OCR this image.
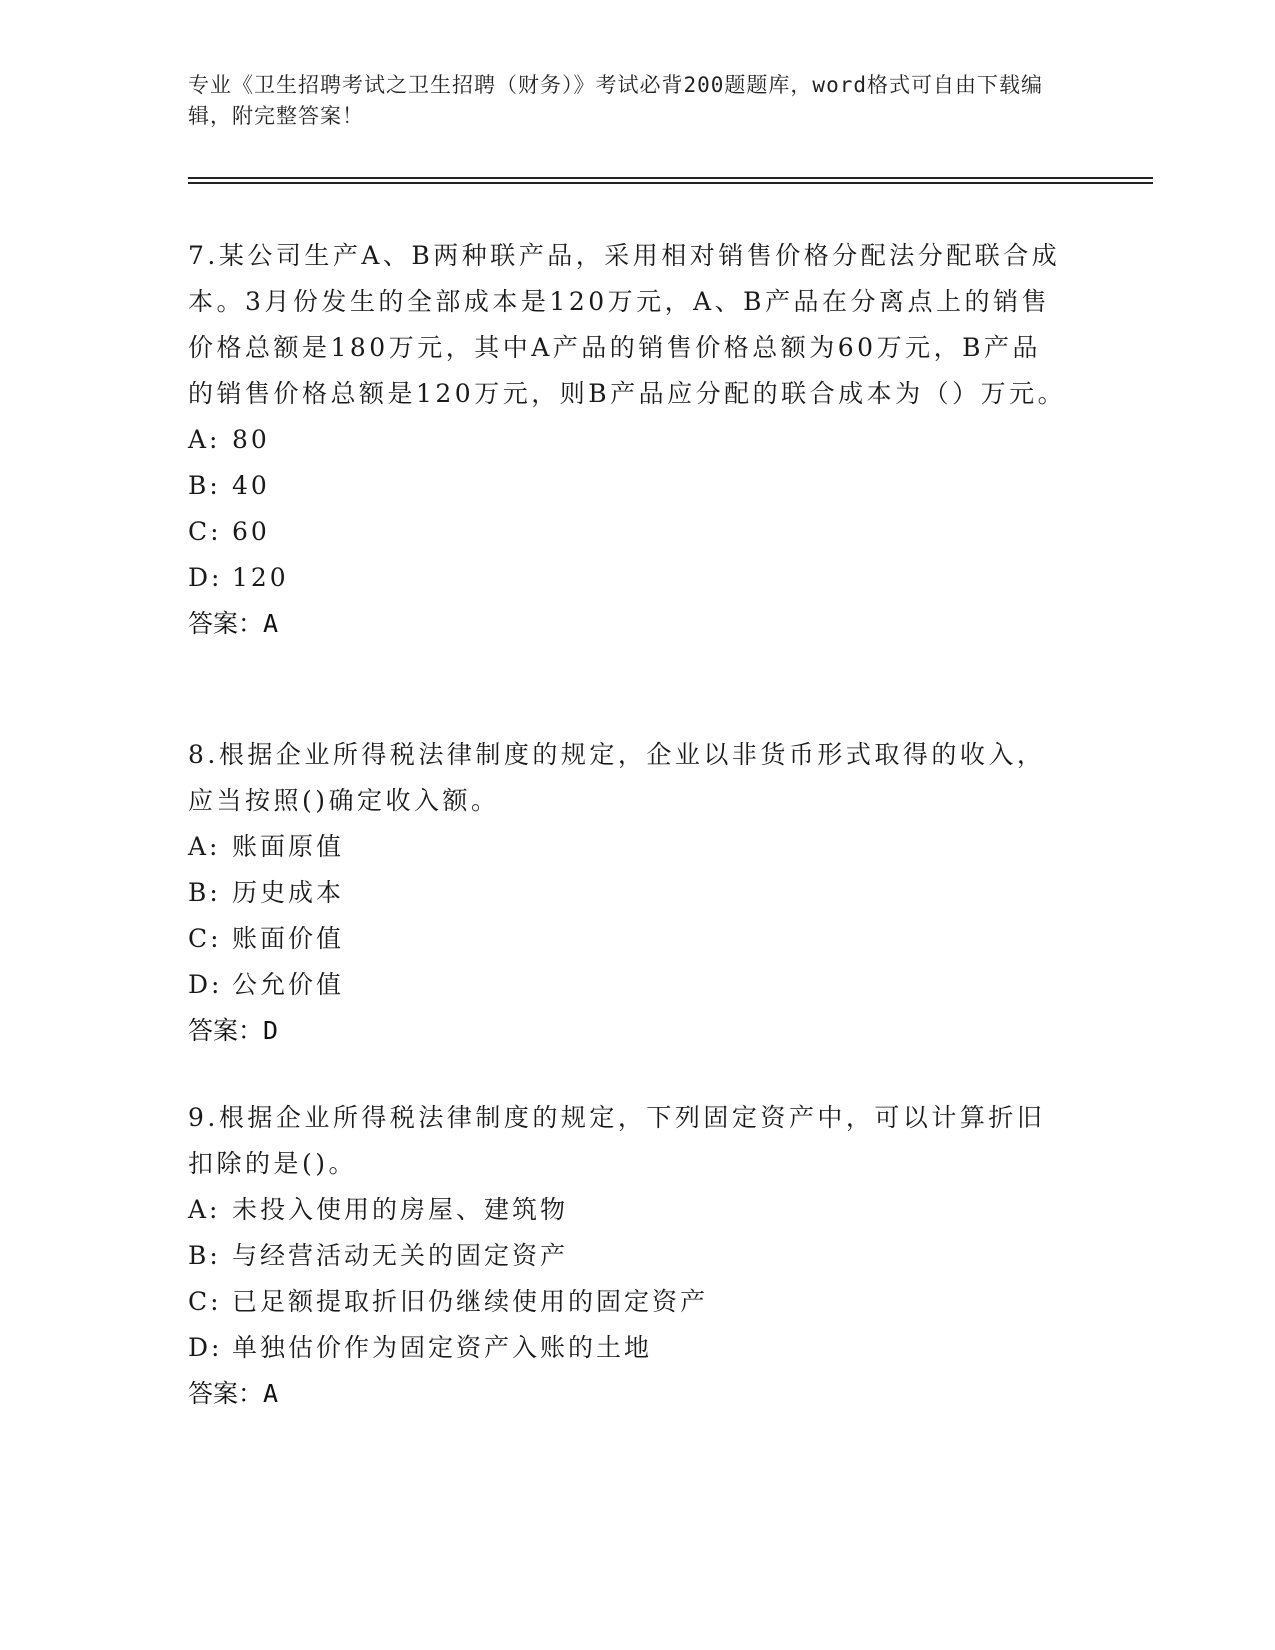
专业《卫生招聘考试之卫生招聘（财务）》考试必背200题题库，word格式可自由下载编辑，附完整答案！

7.某公司生产A、B两种联产品，采用相对销售价格分配法分配联合成本。3月份发生的全部成本是120万元，A、B产品在分离点上的销售价格总额是180万元，其中A产品的销售价格总额为60万元，B产品的销售价格总额是120万元，则B产品应分配的联合成本为（）万元。

A: 80
B: 40
C: 60
D: 120

答案：A

8.根据企业所得税法律制度的规定，企业以非货币形式取得的收入，应当按照()确定收入额。

A: 账面原值
B: 历史成本
C: 账面价值
D: 公允价值

答案：D

9.根据企业所得税法律制度的规定，下列固定资产中，可以计算折旧扣除的是()。

A: 未投入使用的房屋、建筑物
B: 与经营活动无关的固定资产
C: 已足额提取折旧仍继续使用的固定资产
D: 单独估价作为固定资产入账的土地

答案：A
